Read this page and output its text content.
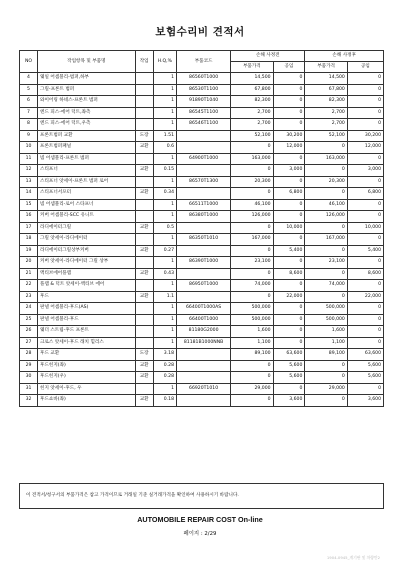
보험수리비 견적서
NO	작업항목 및 부품명	작업	H.Q,%	부품코드	손해 사정전		손해 사정후	
					부품가격	공임	부품가격	공임
4	웨일 어셈블리-범퍼,하부		1	86560T1000	14,500	0	14,500	0
5	그릴-프론트 범퍼		1	86530T1100	67,800	0	67,800	0
6	와이어링 하네스-프론트 범퍼		1	91890T1040	82,300	0	82,300	0
7	엔드 피스-에어 덕트,좌측		1	86545T1100	2,700	0	2,700	0
8	엔드 피스-에어 덕트,우측		1	86546T1100	2,700	0	2,700	0
9	프론트범퍼 교환	도장	1.51		52,100	30,200	52,100	30,200
10	프론트범퍼패널	교환	0.6		0	12,000	0	12,000
11	빔 어셈블리-프론트 범퍼		1	64900T1000	163,000	0	163,000	0
12	스티프너	교환	0.15		0	3,000	0	3,000
13	스티프너 앗세이-프론트 범퍼 로어		1	86570T1300	20,300	0	20,300	0
14	스티프너서포터	교환	0.34		0	6,800	0	6,800
15	빔 어셈블리-로어 스타프너		1	66511T1000	46,100	0	46,100	0
16	커버 어셈블리-SCC 유니트		1	86380T1000	126,000	0	126,000	0
17	라디에이터그릴	교환	0.5		0	10,000	0	10,000
18	그릴 앗세이-라디에이터		1	86350T1010	167,000	0	167,000	0
19	라디에이터그릴상부커버	교환	0.27		0	5,400	0	5,400
20	커버 앗세이-라디에이터 그릴 상부		1	86390T1000	23,100	0	23,100	0
21	액티브에어플랩	교환	0.43		0	8,600	0	8,600
22	플랩 & 덕트 앗세이-액티브 에어		1	86950T1000	74,000	0	74,000	0
23	후드	교환	1.1		0	22,000	0	22,000
24	판넬 어셈블리-후드(AS)		1	66400T1000AS	500,000	0	500,000	0
25	판넬 어셈블리-후드		1	66400T1000	500,000	0	500,000	0
26	웨더 스트립-후드 프론트		1	81180G2000	1,600	0	1,600	0
27	크로스 앗세이-후드 래치 힐리스		1	81181B1000NNB	1,100	0	1,100	0
28	후드 교환	도장	3.18		89,100	63,600	89,100	63,600
29	후드힌지(좌)	교환	0.28		0	5,600	0	5,600
30	후드힌지(우)	교환	0.28		0	5,600	0	5,600
31	힌지 앗세이-후드, 우		1	66920T1010	29,000	0	29,000	0
32	후드쇼바(좌)	교환	0.18		0	3,600	0	3,600
이 견적서/청구서의 부품가격은 참고 가격이므로 거래일 기준 실거래가격을 확인하여 사용하시기 바랍니다.
AUTOMOBILE REPAIR COST On-line
페이지 : 2/29
1904-0945_계기판 및 차량만2
